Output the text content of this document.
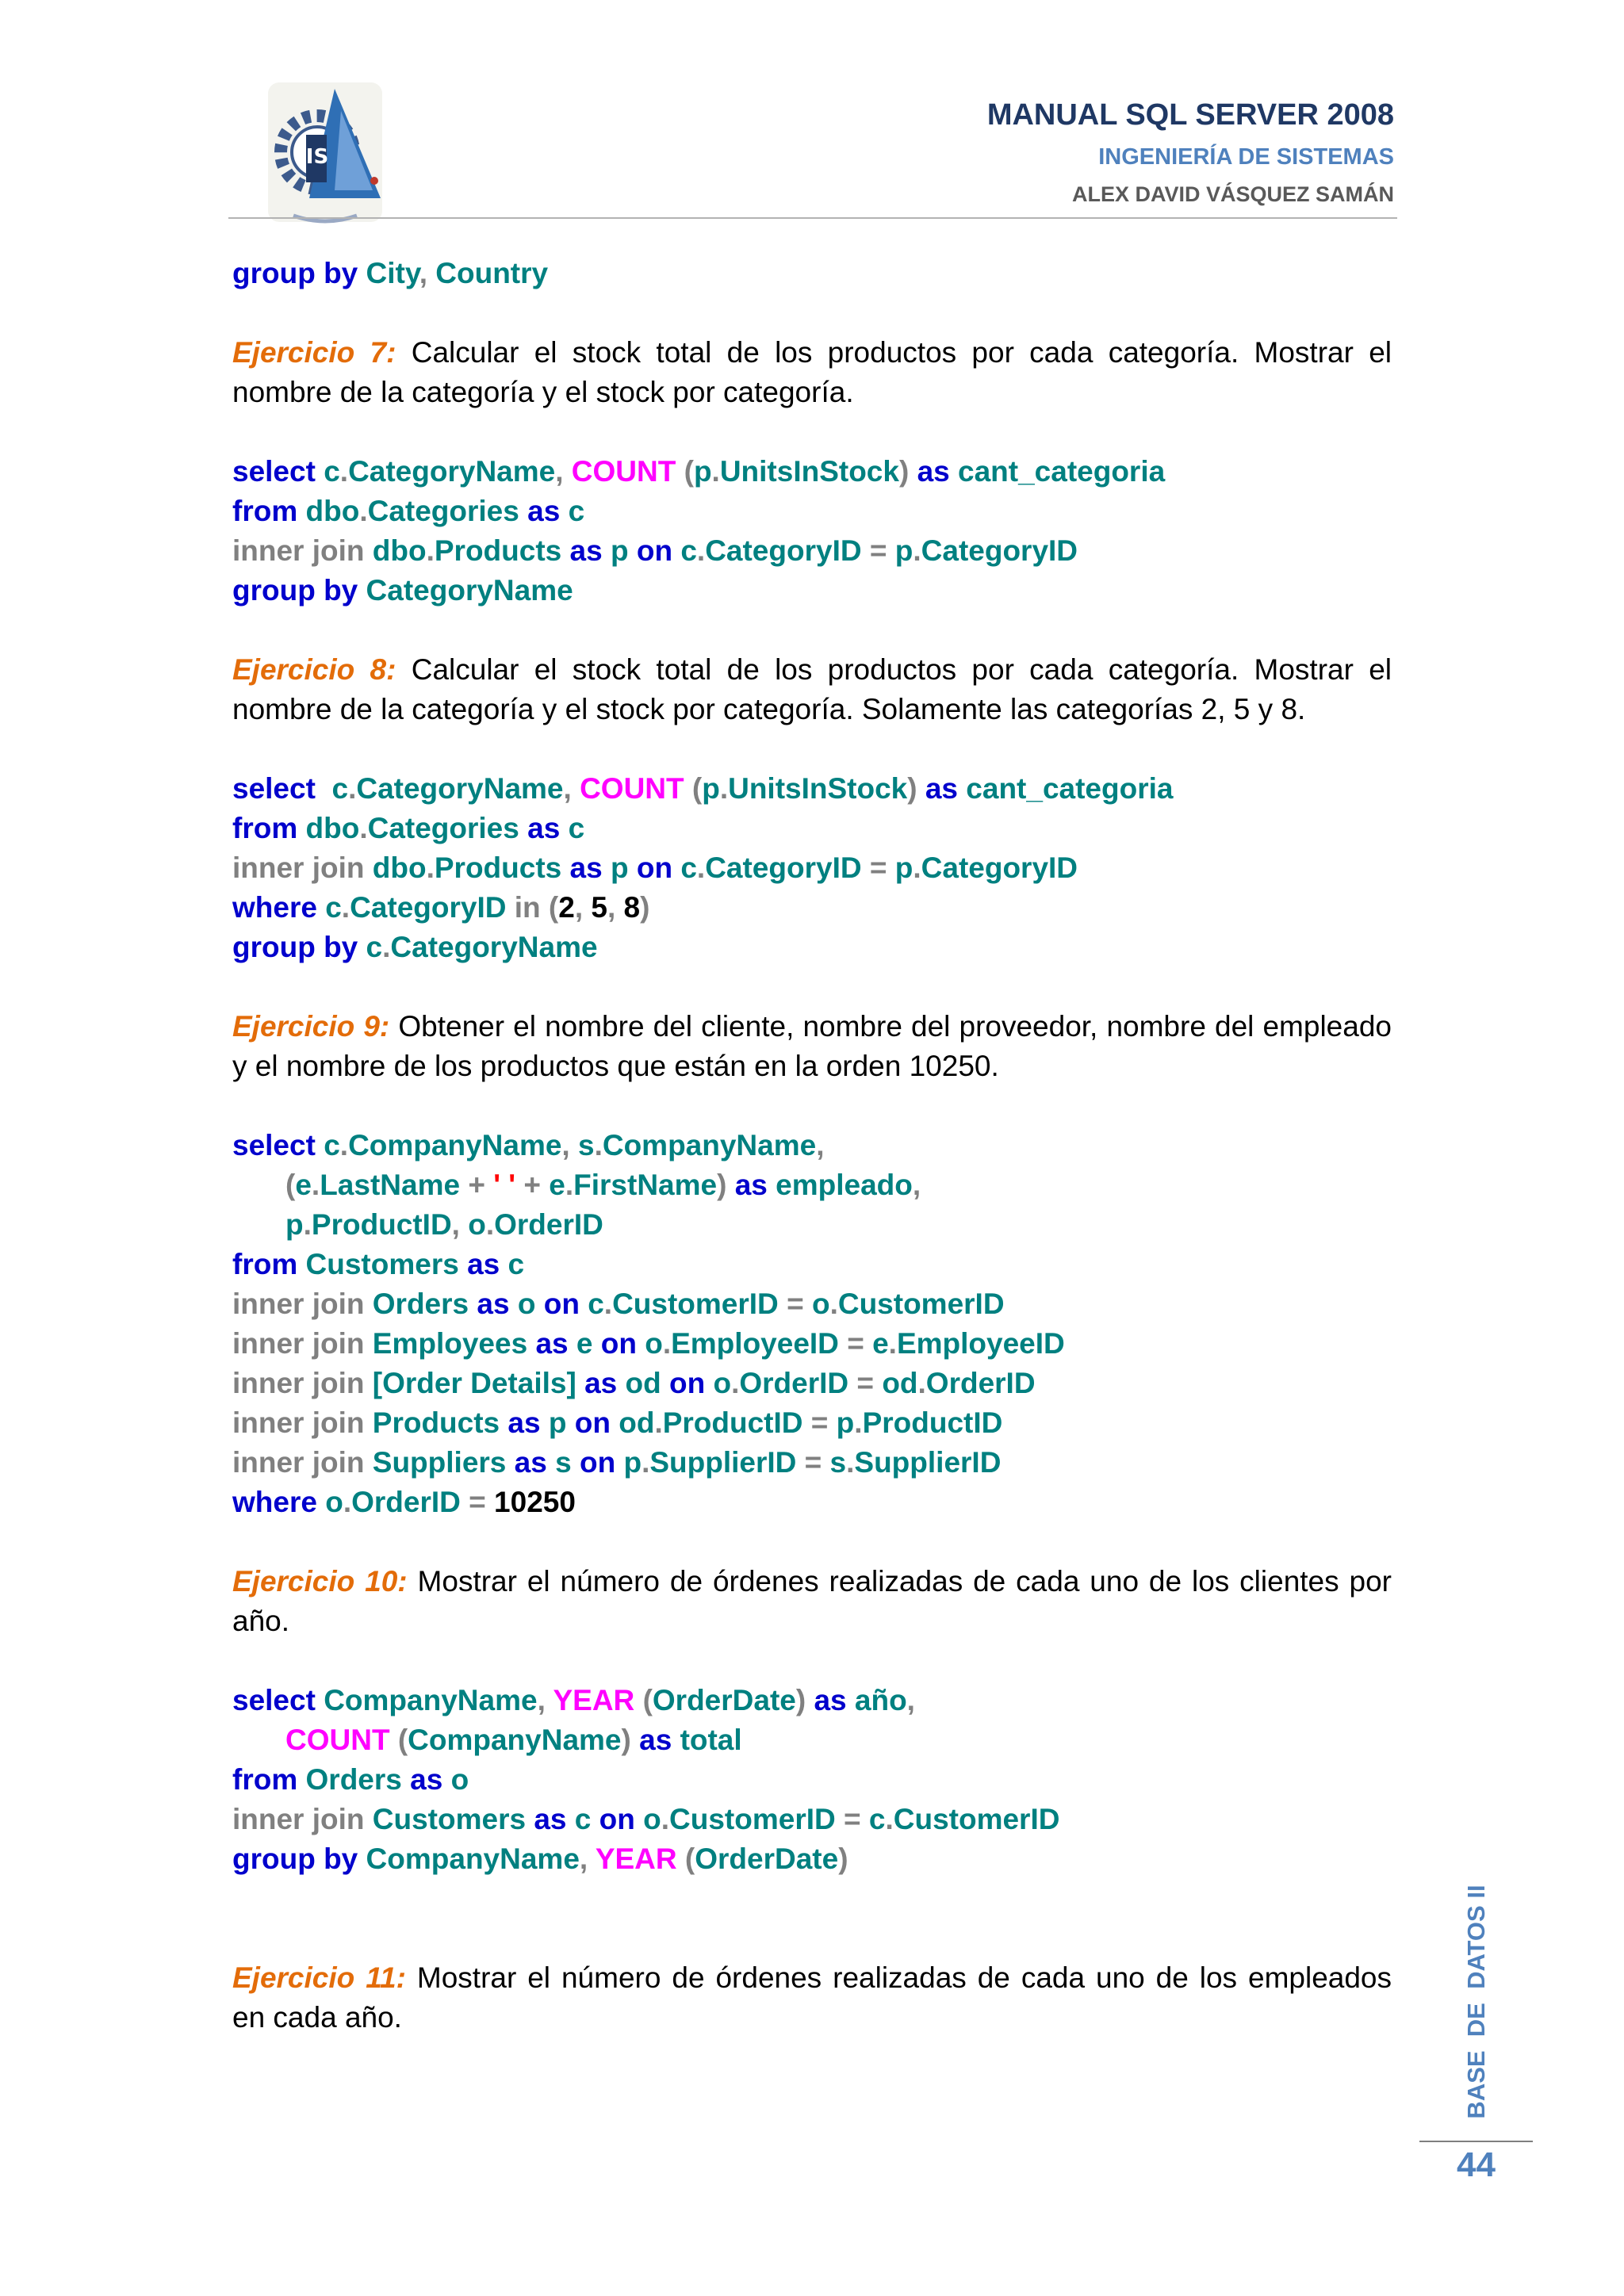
IS
MANUAL SQL SERVER 2008
INGENIERÍA DE SISTEMAS
ALEX DAVID VÁSQUEZ SAMÁN
group by City, Country

Ejercicio 7: Calcular el stock total de los productos por cada categoría. Mostrar el nombre de la categoría y el stock por categoría.

select c.CategoryName, COUNT (p.UnitsInStock) as cant_categoria
from dbo.Categories as c
inner join dbo.Products as p on c.CategoryID = p.CategoryID
group by CategoryName

Ejercicio 8: Calcular el stock total de los productos por cada categoría. Mostrar el nombre de la categoría y el stock por categoría. Solamente las categorías 2, 5 y 8.

select c.CategoryName, COUNT (p.UnitsInStock) as cant_categoria
from dbo.Categories as c
inner join dbo.Products as p on c.CategoryID = p.CategoryID
where c.CategoryID in (2, 5, 8)
group by c.CategoryName

Ejercicio 9: Obtener el nombre del cliente, nombre del proveedor, nombre del empleado y el nombre de los productos que están en la orden 10250.

select c.CompanyName, s.CompanyName,
(e.LastName + ' ' + e.FirstName) as empleado,
p.ProductID, o.OrderID
from Customers as c
inner join Orders as o on c.CustomerID = o.CustomerID
inner join Employees as e on o.EmployeeID = e.EmployeeID
inner join [Order Details] as od on o.OrderID = od.OrderID
inner join Products as p on od.ProductID = p.ProductID
inner join Suppliers as s on p.SupplierID = s.SupplierID
where o.OrderID = 10250

Ejercicio 10: Mostrar el número de órdenes realizadas de cada uno de los clientes por año.

select CompanyName, YEAR (OrderDate) as año,
COUNT (CompanyName) as total
from Orders as o
inner join Customers as c on o.CustomerID = c.CustomerID
group by CompanyName, YEAR (OrderDate)

Ejercicio 11: Mostrar el número de órdenes realizadas de cada uno de los empleados en cada año.	BASE  DE  DATOS II
44
